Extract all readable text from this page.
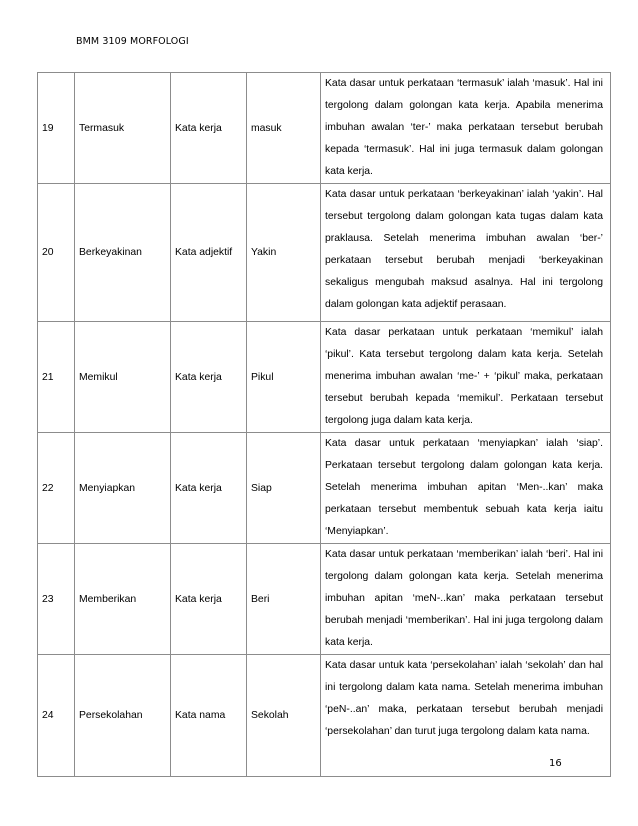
BMM 3109 MORFOLOGI
19	Termasuk	Kata kerja	masuk	Kata dasar untuk perkataan ‘termasuk’ ialah ‘masuk’. Hal ini tergolong dalam golongan kata kerja. Apabila menerima imbuhan awalan ‘ter-’ maka perkataan tersebut berubah kepada ‘termasuk’. Hal ini juga termasuk dalam golongan kata kerja.
20	Berkeyakinan	Kata adjektif	Yakin	Kata dasar untuk perkataan ‘berkeyakinan’ ialah ‘yakin’. Hal tersebut tergolong dalam golongan kata tugas dalam kata praklausa. Setelah menerima imbuhan awalan ‘ber-’ perkataan tersebut berubah menjadi ‘berkeyakinan sekaligus mengubah maksud asalnya. Hal ini tergolong dalam golongan kata adjektif perasaan.
21	Memikul	Kata kerja	Pikul	Kata dasar perkataan untuk perkataan ‘memikul’ ialah ‘pikul’. Kata tersebut tergolong dalam kata kerja. Setelah menerima imbuhan awalan ‘me-’ + ‘pikul’ maka, perkataan tersebut berubah kepada ‘memikul’. Perkataan tersebut tergolong juga dalam kata kerja.
22	Menyiapkan	Kata kerja	Siap	Kata dasar untuk perkataan ‘menyiapkan’ ialah ‘siap’. Perkataan tersebut tergolong dalam golongan kata kerja. Setelah menerima imbuhan apitan ‘Men-..kan’ maka perkataan tersebut membentuk sebuah kata kerja iaitu ‘Menyiapkan’.
23	Memberikan	Kata kerja	Beri	Kata dasar untuk perkataan ‘memberikan’ ialah ‘beri’. Hal ini tergolong dalam golongan kata kerja. Setelah menerima imbuhan apitan ‘meN-..kan’ maka perkataan tersebut berubah menjadi ‘memberikan’. Hal ini juga tergolong dalam kata kerja.
24	Persekolahan	Kata nama	Sekolah	Kata dasar untuk kata ‘persekolahan’ ialah ‘sekolah’ dan hal ini tergolong dalam kata nama. Setelah menerima imbuhan ‘peN-..an’ maka, perkataan tersebut berubah menjadi ‘persekolahan’ dan turut juga tergolong dalam kata nama.
16
